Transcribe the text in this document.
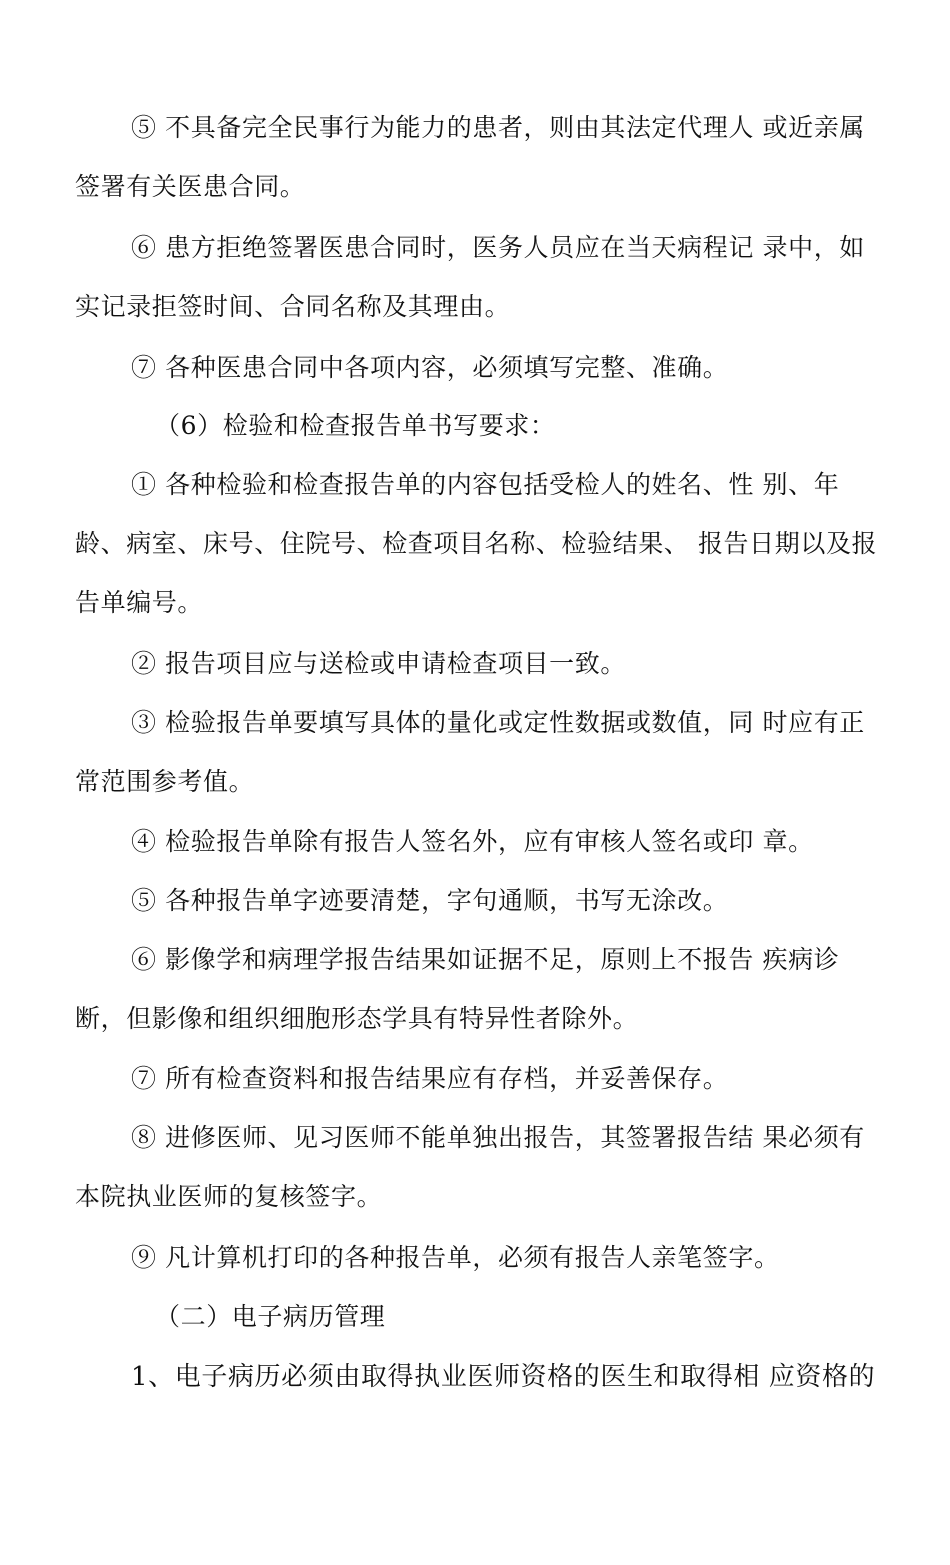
⑤ 不具备完全民事行为能力的患者，则由其法定代理人 或近亲属签署有关医患合同。

⑥ 患方拒绝签署医患合同时，医务人员应在当天病程记 录中，如实记录拒签时间、合同名称及其理由。

⑦ 各种医患合同中各项内容，必须填写完整、准确。

（6）检验和检查报告单书写要求：

① 各种检验和检查报告单的内容包括受检人的姓名、性 别、年龄、病室、床号、住院号、检查项目名称、检验结果、 报告日期以及报告单编号。

② 报告项目应与送检或申请检查项目一致。

③ 检验报告单要填写具体的量化或定性数据或数值，同 时应有正常范围参考值。

④ 检验报告单除有报告人签名外，应有审核人签名或印 章。

⑤ 各种报告单字迹要清楚，字句通顺，书写无涂改。

⑥ 影像学和病理学报告结果如证据不足，原则上不报告 疾病诊断，但影像和组织细胞形态学具有特异性者除外。

⑦ 所有检查资料和报告结果应有存档，并妥善保存。

⑧ 进修医师、见习医师不能单独出报告，其签署报告结 果必须有本院执业医师的复核签字。

⑨ 凡计算机打印的各种报告单，必须有报告人亲笔签字。

（二）电子病历管理

1、电子病历必须由取得执业医师资格的医生和取得相 应资格的
